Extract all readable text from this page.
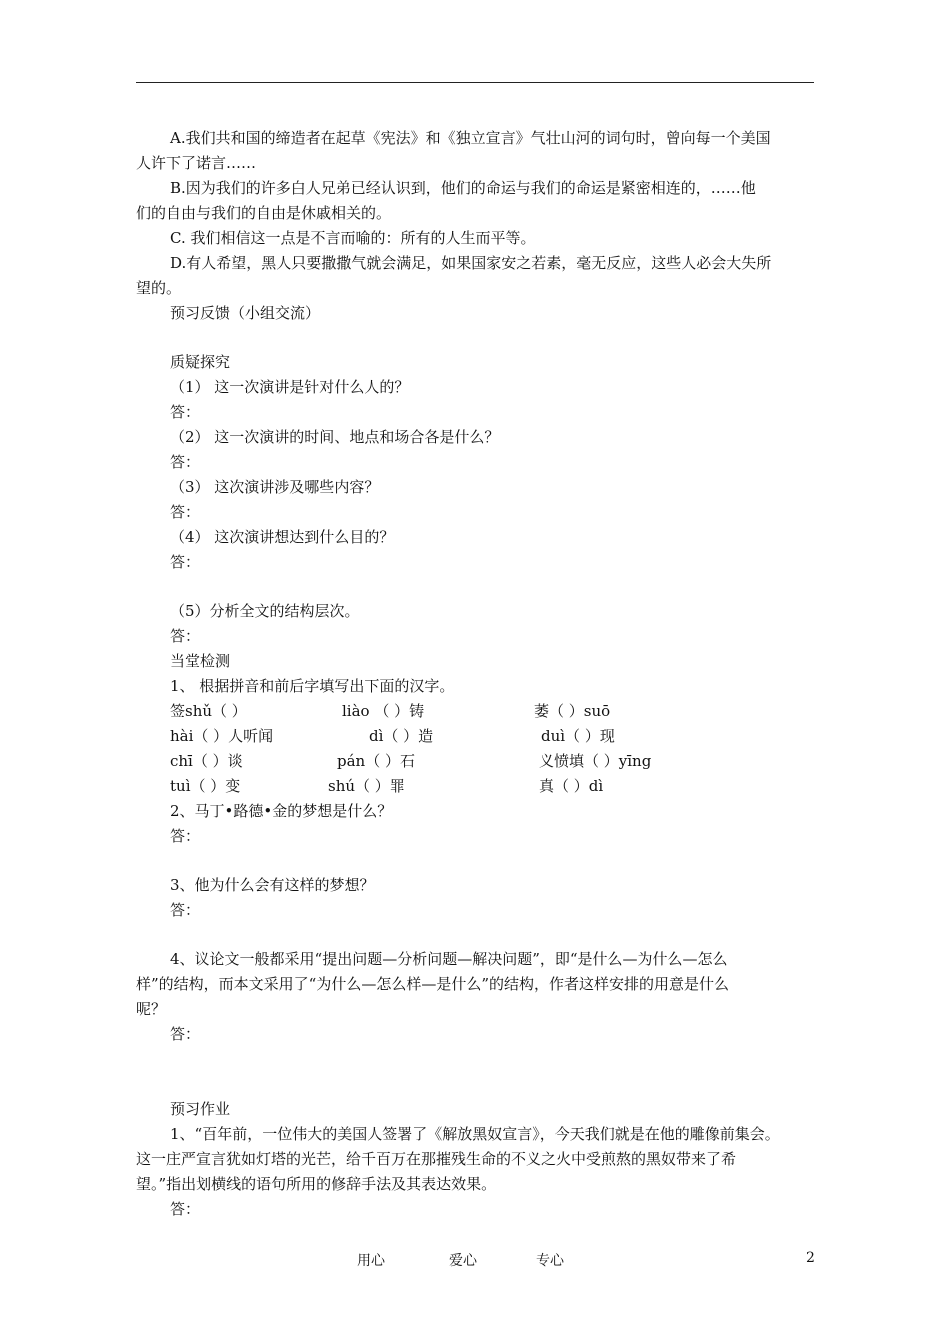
A.我们共和国的缔造者在起草《宪法》和《独立宣言》气壮山河的词句时，曾向每一个美国
人许下了诺言……
B.因为我们的许多白人兄弟已经认识到，他们的命运与我们的命运是紧密相连的，……他
们的自由与我们的自由是休戚相关的。
C. 我们相信这一点是不言而喻的：所有的人生而平等。
D.有人希望，黑人只要撒撒气就会满足，如果国家安之若素，毫无反应，这些人必会大失所
望的。
预习反馈（小组交流）
质疑探究
（1） 这一次演讲是针对什么人的？
答：
（2） 这一次演讲的时间、地点和场合各是什么？
答：
（3） 这次演讲涉及哪些内容？
答：
（4） 这次演讲想达到什么目的？
答：
（5）分析全文的结构层次。
答：
当堂检测
1、 根据拼音和前后字填写出下面的汉字。
签shǔ（ ）	liào （ ）铸	萎（ ）suō
hài（ ）人听闻	dì（ ）造	duì（ ）现
chī（ ）谈	pán（ ）石	义愤填（ ）yīng
tuì（ ）变	shú（ ）罪	真（ ）dì
2、马丁•路德•金的梦想是什么？
答：
3、他为什么会有这样的梦想？
答：
4、议论文一般都采用“提出问题—分析问题—解决问题”，即“是什么—为什么—怎么
样”的结构，而本文采用了“为什么—怎么样—是什么”的结构，作者这样安排的用意是什么
呢？
答：
预习作业
1、“百年前，一位伟大的美国人签署了《解放黑奴宣言》，今天我们就是在他的雕像前集会。
这一庄严宣言犹如灯塔的光芒，给千百万在那摧残生命的不义之火中受煎熬的黑奴带来了希
望。”指出划横线的语句所用的修辞手法及其表达效果。
答：
用心	爱心	专心	2
